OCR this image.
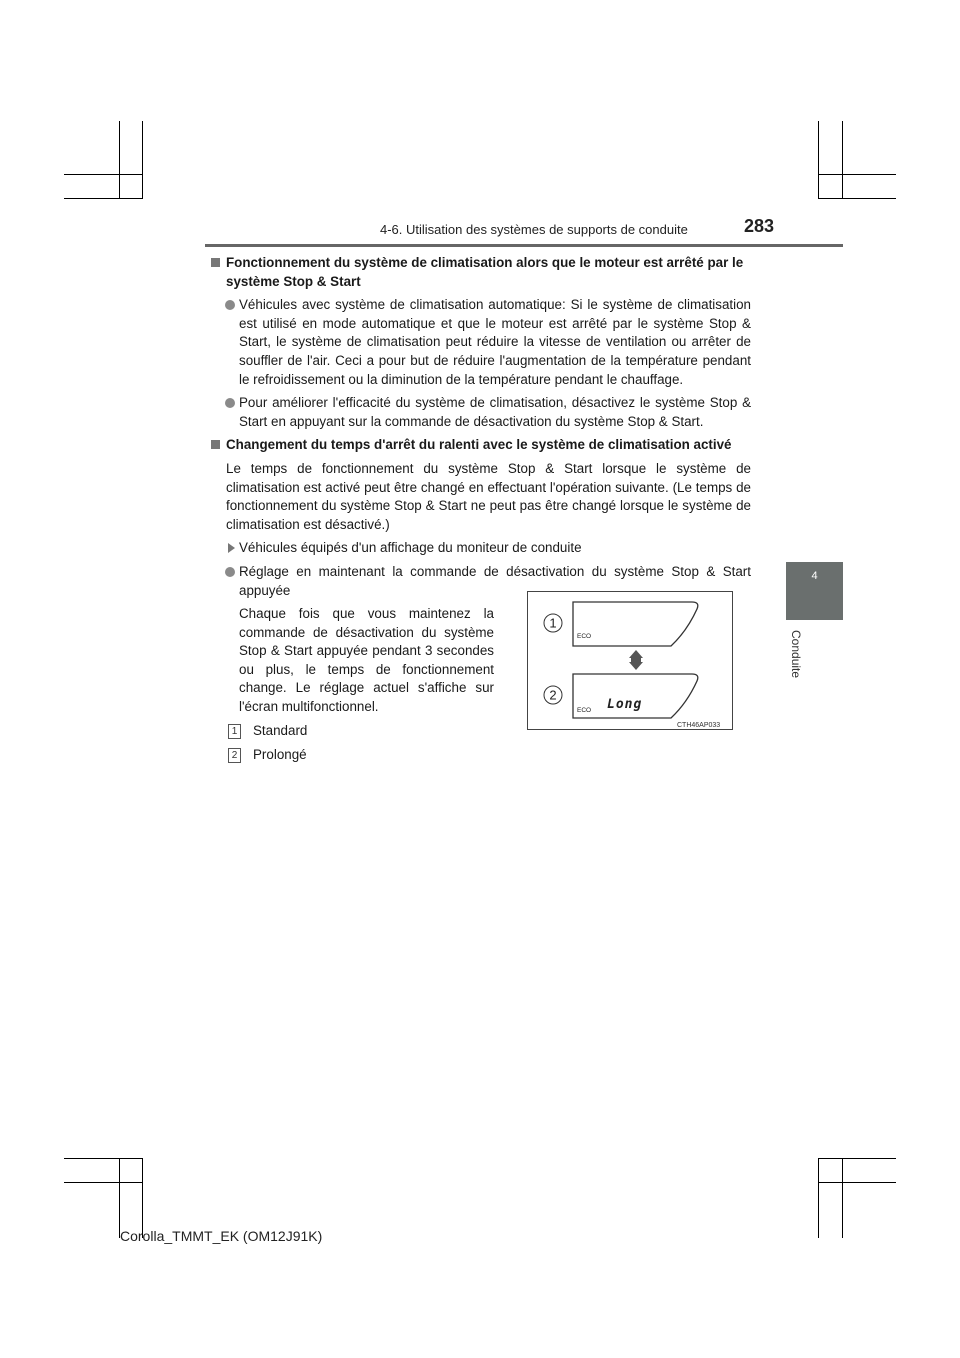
4-6. Utilisation des systèmes de supports de conduite	283
4
Conduite
Fonctionnement du système de climatisation alors que le moteur est arrêté par le système Stop & Start
Véhicules avec système de climatisation automatique: Si le système de climatisation est utilisé en mode automatique et que le moteur est arrêté par le système Stop & Start, le système de climatisation peut réduire la vitesse de ventilation ou arrêter de souffler de l'air. Ceci a pour but de réduire l'augmentation de la température pendant le refroidissement ou la diminution de la température pendant le chauffage.
Pour améliorer l'efficacité du système de climatisation, désactivez le système Stop & Start en appuyant sur la commande de désactivation du système Stop & Start.
Changement du temps d'arrêt du ralenti avec le système de climatisation activé
Le temps de fonctionnement du système Stop & Start lorsque le système de climatisation est activé peut être changé en effectuant l'opération suivante. (Le temps de fonctionnement du système Stop & Start ne peut pas être changé lorsque le système de climatisation est désactivé.)
Véhicules équipés d'un affichage du moniteur de conduite
Réglage en maintenant la commande de désactivation du système Stop & Start appuyée
Chaque fois que vous maintenez la commande de désactivation du système Stop & Start appuyée pendant 3 secondes ou plus, le temps de fonctionnement change. Le réglage actuel s'affiche sur l'écran multifonctionnel.
1 Standard
2 Prolongé
1
ECO
2
ECO Long
CTH46AP033
Corolla_TMMT_EK (OM12J91K)
